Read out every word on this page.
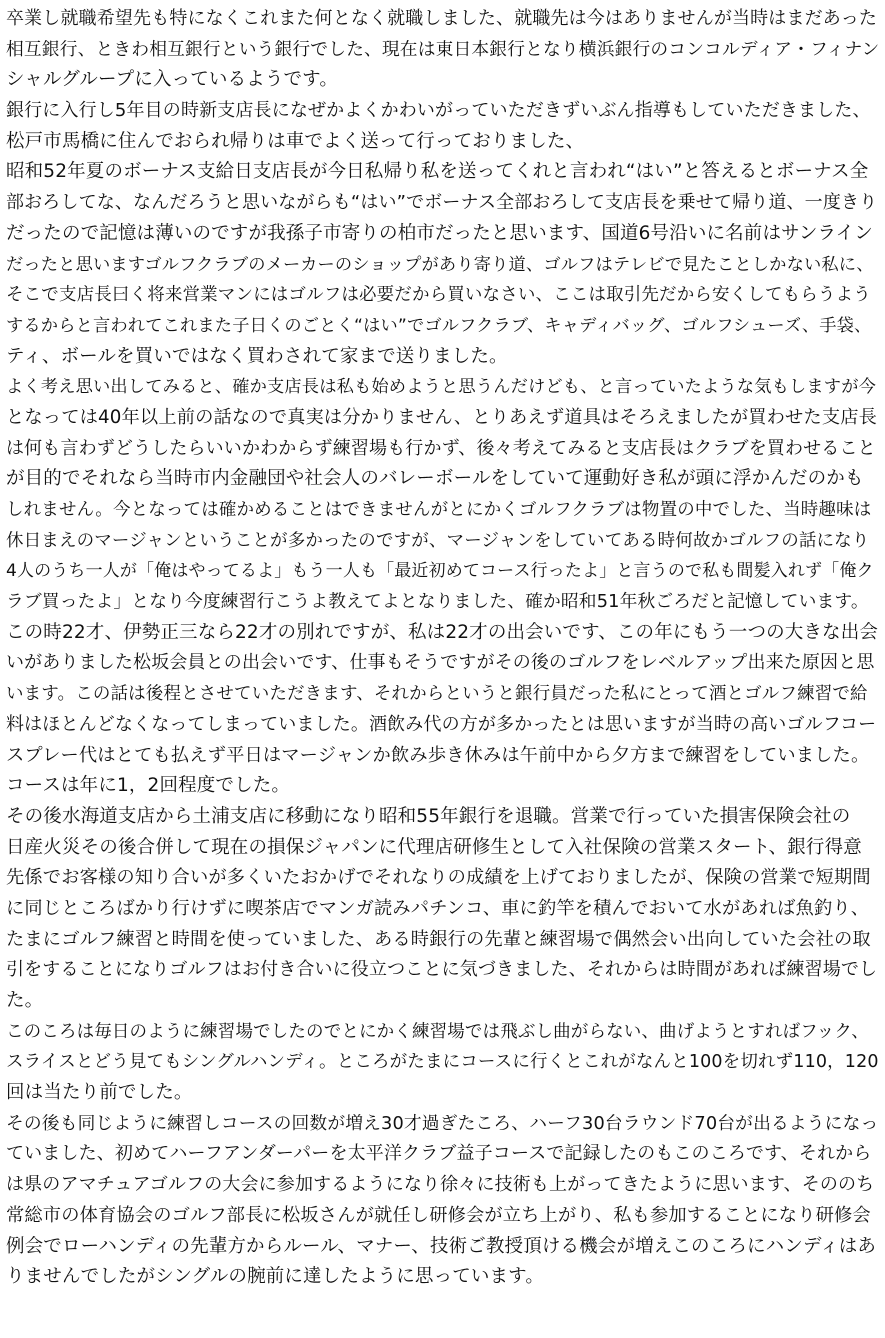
卒業し就職希望先も特になくこれまた何となく就職しました、就職先は今はありませんが当時はまだあった
相互銀行、ときわ相互銀行という銀行でした、現在は東日本銀行となり横浜銀行のコンコルディア・フィナン
シャルグループに入っているようです。
銀行に入行し5年目の時新支店長になぜかよくかわいがっていただきずいぶん指導もしていただきました、
松戸市馬橋に住んでおられ帰りは車でよく送って行っておりました、
昭和52年夏のボーナス支給日支店長が今日私帰り私を送ってくれと言われ“はい”と答えるとボーナス全
部おろしてな、なんだろうと思いながらも“はい”でボーナス全部おろして支店長を乗せて帰り道、一度きり
だったので記憶は薄いのですが我孫子市寄りの柏市だったと思います、国道6号沿いに名前はサンライン
だったと思いますゴルフクラブのメーカーのショップがあり寄り道、ゴルフはテレビで見たことしかない私に、
そこで支店長曰く将来営業マンにはゴルフは必要だから買いなさい、ここは取引先だから安くしてもらうよう
するからと言われてこれまた子日くのごとく“はい”でゴルフクラブ、キャディバッグ、ゴルフシューズ、手袋、
ティ、ボールを買いではなく買わされて家まで送りました。
よく考え思い出してみると、確か支店長は私も始めようと思うんだけども、と言っていたような気もしますが今
となっては40年以上前の話なので真実は分かりません、とりあえず道具はそろえましたが買わせた支店長
は何も言わずどうしたらいいかわからず練習場も行かず、後々考えてみると支店長はクラブを買わせること
が目的でそれなら当時市内金融団や社会人のバレーボールをしていて運動好き私が頭に浮かんだのかも
しれません。今となっては確かめることはできませんがとにかくゴルフクラブは物置の中でした、当時趣味は
休日まえのマージャンということが多かったのですが、マージャンをしていてある時何故かゴルフの話になり
4人のうち一人が「俺はやってるよ」もう一人も「最近初めてコース行ったよ」と言うので私も間髪入れず「俺ク
ラブ買ったよ」となり今度練習行こうよ教えてよとなりました、確か昭和51年秋ごろだと記憶しています。
この時22才、伊勢正三なら22才の別れですが、私は22才の出会いです、この年にもう一つの大きな出会
いがありました松坂会員との出会いです、仕事もそうですがその後のゴルフをレベルアップ出来た原因と思
います。この話は後程とさせていただきます、それからというと銀行員だった私にとって酒とゴルフ練習で給
料はほとんどなくなってしまっていました。酒飲み代の方が多かったとは思いますが当時の高いゴルフコー
スプレー代はとても払えず平日はマージャンか飲み歩き休みは午前中から夕方まで練習をしていました。
コースは年に1，2回程度でした。
その後水海道支店から土浦支店に移動になり昭和55年銀行を退職。営業で行っていた損害保険会社の
日産火災その後合併して現在の損保ジャパンに代理店研修生として入社保険の営業スタート、銀行得意
先係でお客様の知り合いが多くいたおかげでそれなりの成績を上げておりましたが、保険の営業で短期間
に同じところばかり行けずに喫茶店でマンガ読みパチンコ、車に釣竿を積んでおいて水があれば魚釣り、
たまにゴルフ練習と時間を使っていました、ある時銀行の先輩と練習場で偶然会い出向していた会社の取
引をすることになりゴルフはお付き合いに役立つことに気づきました、それからは時間があれば練習場でし
た。
このころは毎日のように練習場でしたのでとにかく練習場では飛ぶし曲がらない、曲げようとすればフック、
スライスとどう見てもシングルハンディ。ところがたまにコースに行くとこれがなんと100を切れず110，120
回は当たり前でした。
その後も同じように練習しコースの回数が増え30才過ぎたころ、ハーフ30台ラウンド70台が出るようになっ
ていました、初めてハーフアンダーパーを太平洋クラブ益子コースで記録したのもこのころです、それから
は県のアマチュアゴルフの大会に参加するようになり徐々に技術も上がってきたように思います、そののち
常総市の体育協会のゴルフ部長に松坂さんが就任し研修会が立ち上がり、私も参加することになり研修会
例会でローハンディの先輩方からルール、マナー、技術ご教授頂ける機会が増えこのころにハンディはあ
りませんでしたがシングルの腕前に達したように思っています。
